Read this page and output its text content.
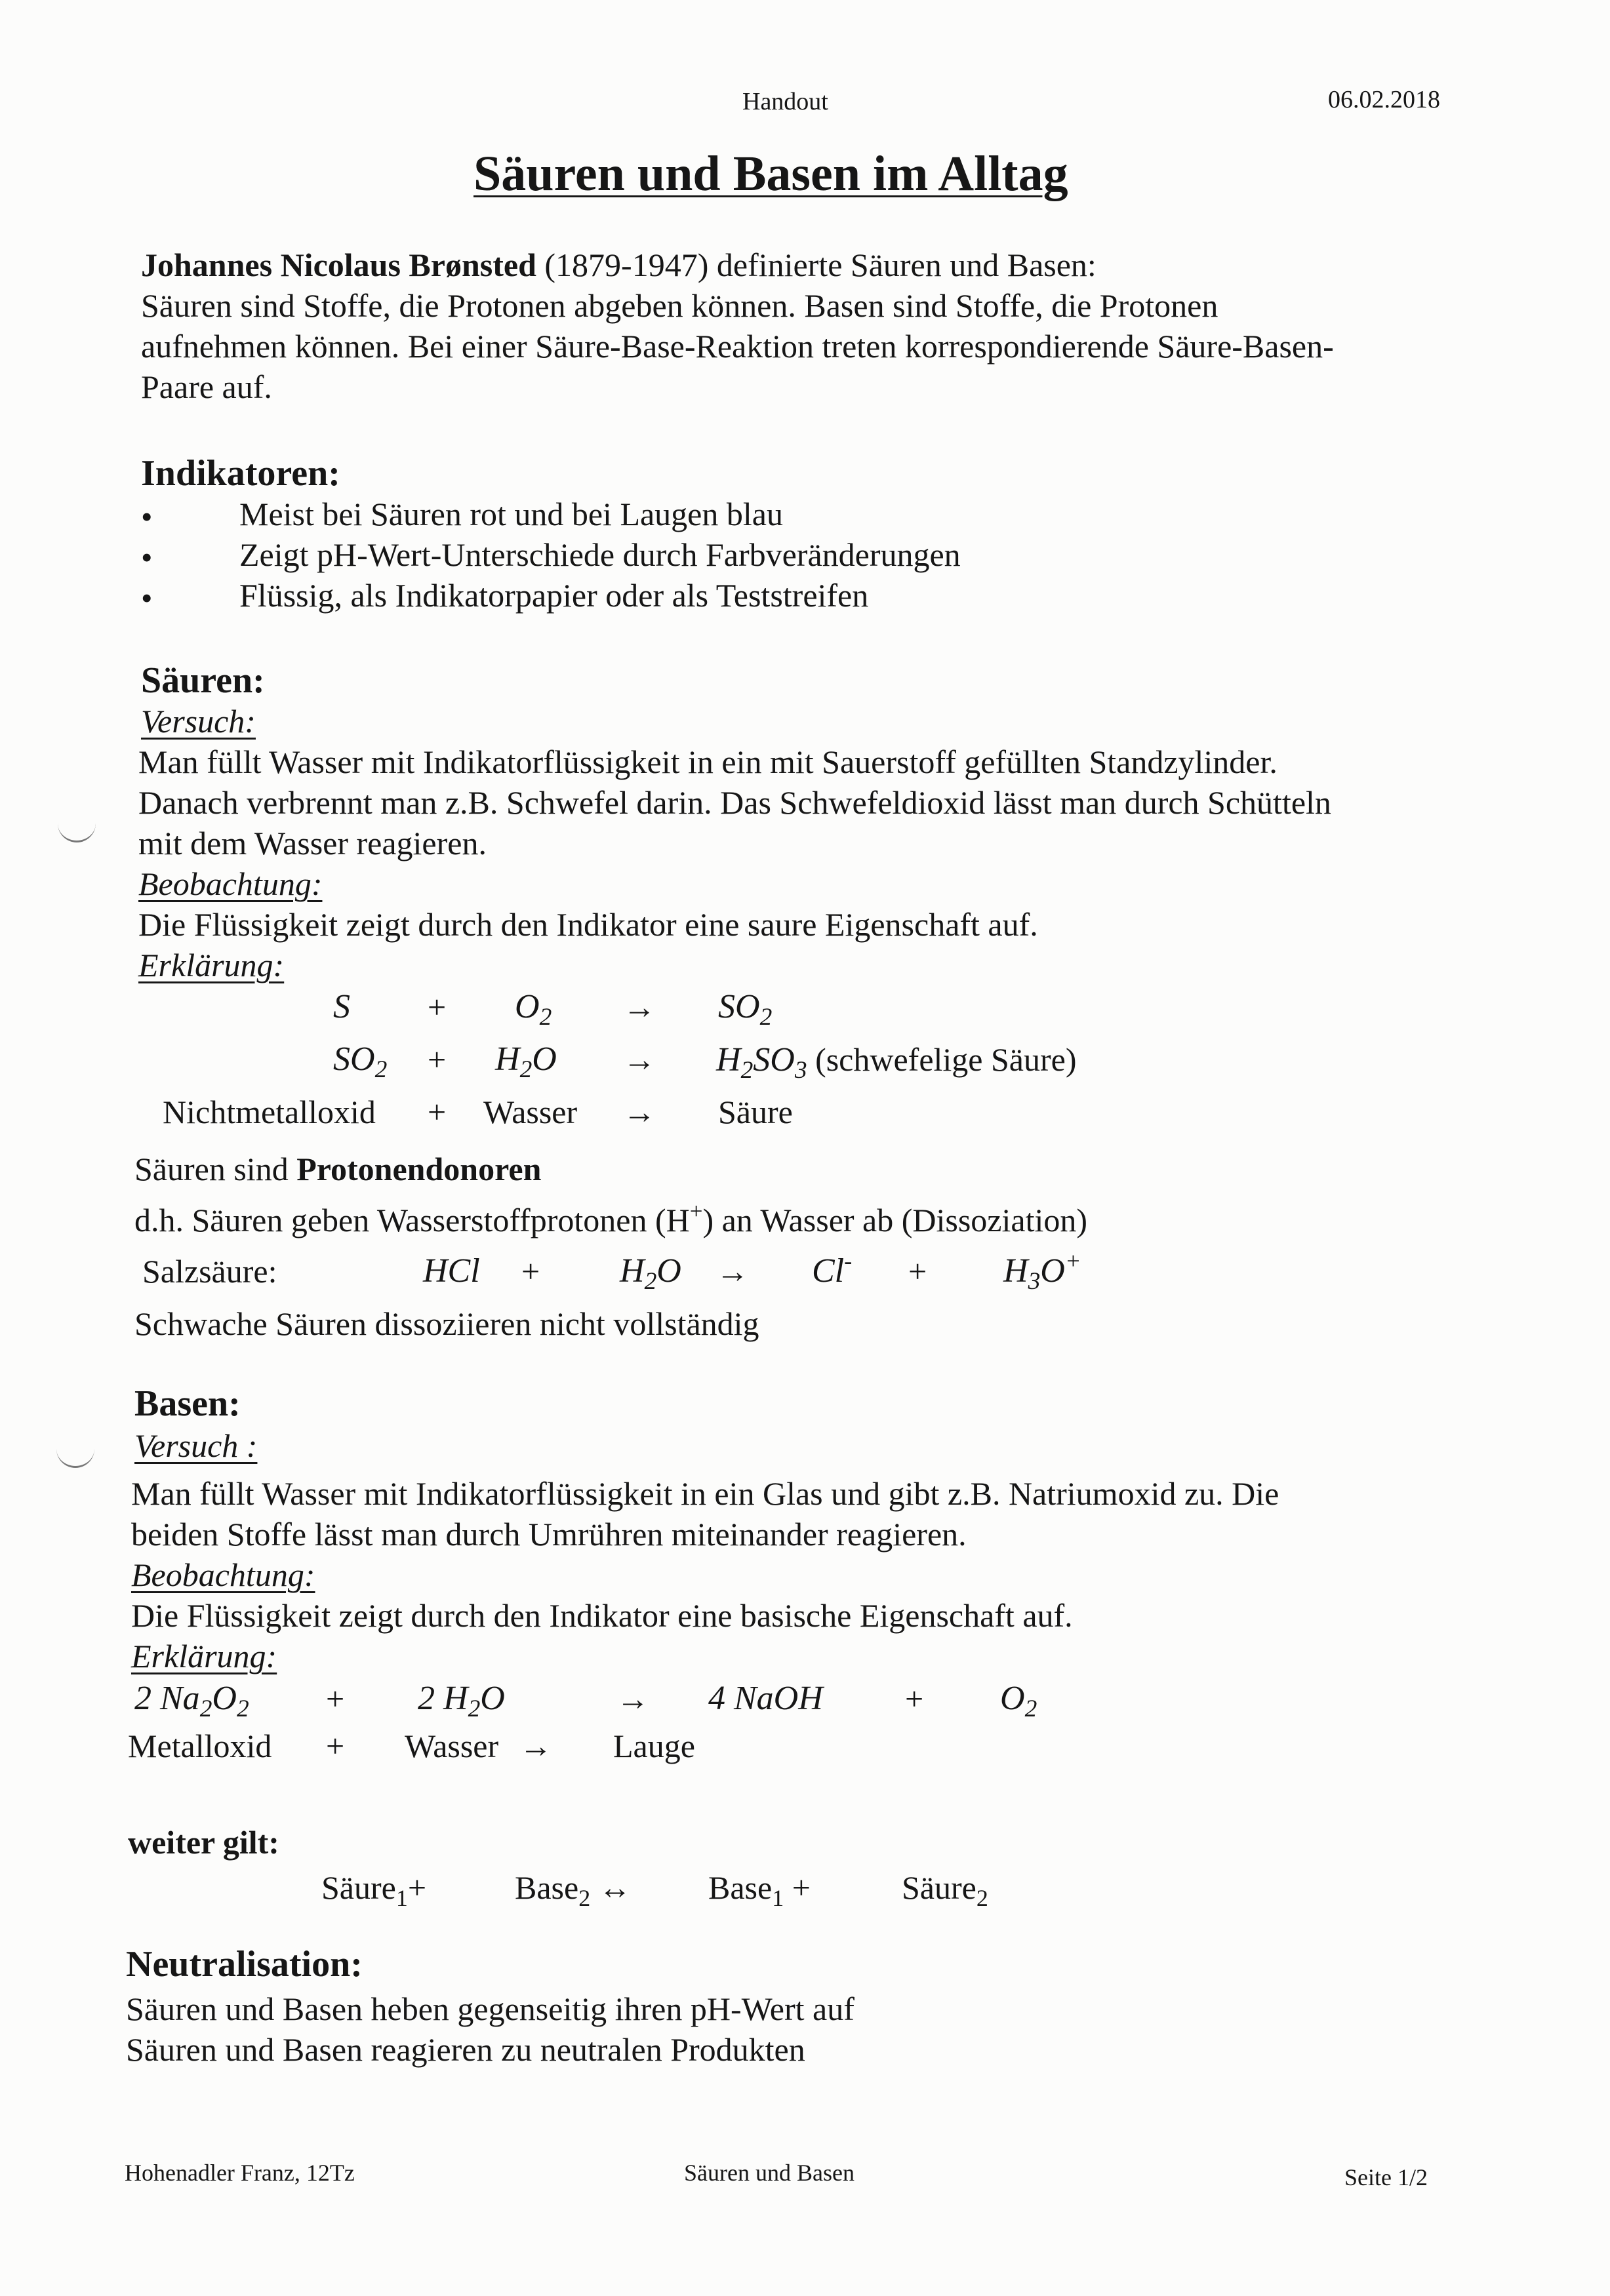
Handout	06.02.2018
Säuren und Basen im Alltag
Johannes Nicolaus Brønsted (1879-1947) definierte Säuren und Basen:
Säuren sind Stoffe, die Protonen abgeben können. Basen sind Stoffe, die Protonen
aufnehmen können. Bei einer Säure-Base-Reaktion treten korrespondierende Säure-Basen-
Paare auf.
Indikatoren:
•	Meist bei Säuren rot und bei Laugen blau
•	Zeigt pH-Wert-Unterschiede durch Farbveränderungen
•	Flüssig, als Indikatorpapier oder als Teststreifen
Säuren:
Versuch:
Man füllt Wasser mit Indikatorflüssigkeit in ein mit Sauerstoff gefüllten Standzylinder.
Danach verbrennt man z.B. Schwefel darin. Das Schwefeldioxid lässt man durch Schütteln
mit dem Wasser reagieren.
Beobachtung:
Die Flüssigkeit zeigt durch den Indikator eine saure Eigenschaft auf.
Erklärung:
$S + O_2 \to SO_2$
$SO_2 + H_2O \to H_2SO_3$ (schwefelige Säure)
Nichtmetalloxid + Wasser → Säure
Säuren sind Protonendonoren
d.h. Säuren geben Wasserstoffprotonen (H+) an Wasser ab (Dissoziation)
Salzsäure:	HCl + $H_2O \to Cl^- + H_3O^+$
Schwache Säuren dissoziieren nicht vollständig
Basen:
Versuch :
Man füllt Wasser mit Indikatorflüssigkeit in ein Glas und gibt z.B. Natriumoxid zu. Die
beiden Stoffe lässt man durch Umrühren miteinander reagieren.
Beobachtung:
Die Flüssigkeit zeigt durch den Indikator eine basische Eigenschaft auf.
Erklärung:
2 $Na_2O_2 + 2$ $H_2O$	→ 4 NaOH	+ $O_2$
Metalloxid + Wasser → Lauge
weiter gilt:
Säure$_1$+	Base$_2$ ↔ Base$_1$ +	Säure$_2$
Neutralisation:
Säuren und Basen heben gegenseitig ihren pH-Wert auf
Säuren und Basen reagieren zu neutralen Produkten
Hohenadler Franz, 12Tz	Säuren und Basen	Seite 1/2
